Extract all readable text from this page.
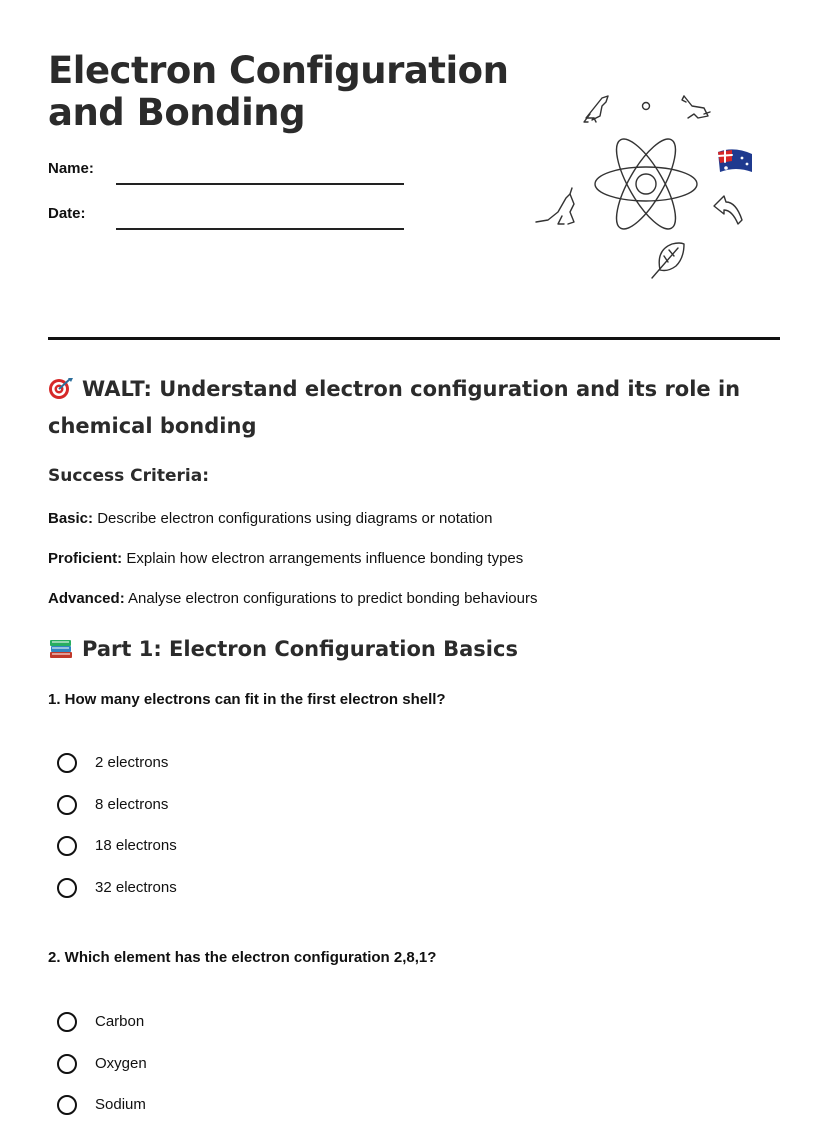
Electron Configuration
and Bonding
Name:
Date:
WALT: Understand electron configuration and its role in chemical bonding
Success Criteria:
Basic: Describe electron configurations using diagrams or notation
Proficient: Explain how electron arrangements influence bonding types
Advanced: Analyse electron configurations to predict bonding behaviours
Part 1: Electron Configuration Basics
1. How many electrons can fit in the first electron shell?
2 electrons
8 electrons
18 electrons
32 electrons
2. Which element has the electron configuration 2,8,1?
Carbon
Oxygen
Sodium
